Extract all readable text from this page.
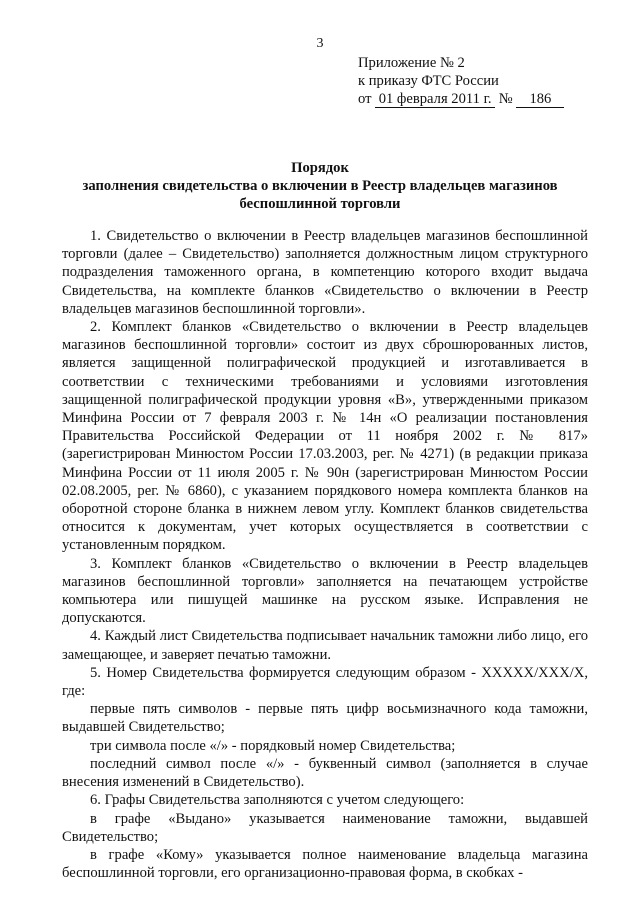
3
Приложение № 2
к приказу ФТС России
от 01 февраля 2011 г. № 186
Порядок
заполнения свидетельства о включении в Реестр владельцев магазинов
беспошлинной торговли

1. Свидетельство о включении в Реестр владельцев магазинов беспошлинной торговли (далее – Свидетельство) заполняется должностным лицом структурного подразделения таможенного органа, в компетенцию которого входит выдача Свидетельства, на комплекте бланков «Свидетельство о включении в Реестр владельцев магазинов беспошлинной торговли».

2. Комплект бланков «Свидетельство о включении в Реестр владельцев магазинов беспошлинной торговли» состоит из двух сброшюрованных листов, является защищенной полиграфической продукцией и изготавливается в соответствии с техническими требованиями и условиями изготовления защищенной полиграфической продукции уровня «В», утвержденными приказом Минфина России от 7 февраля 2003 г. № 14н «О реализации постановления Правительства Российской Федерации от 11 ноября 2002 г. № 817» (зарегистрирован Минюстом России 17.03.2003, рег. № 4271) (в редакции приказа Минфина России от 11 июля 2005 г. № 90н (зарегистрирован Минюстом России 02.08.2005, рег. № 6860), с указанием порядкового номера комплекта бланков на оборотной стороне бланка в нижнем левом углу. Комплект бланков свидетельства относится к документам, учет которых осуществляется в соответствии с установленным порядком.

3. Комплект бланков «Свидетельство о включении в Реестр владельцев магазинов беспошлинной торговли» заполняется на печатающем устройстве компьютера или пишущей машинке на русском языке. Исправления не допускаются.

4. Каждый лист Свидетельства подписывает начальник таможни либо лицо, его замещающее, и заверяет печатью таможни.

5. Номер Свидетельства формируется следующим образом - XXXXX/XXX/X, где:

первые пять символов - первые пять цифр восьмизначного кода таможни, выдавшей Свидетельство;

три символа после «/» - порядковый номер Свидетельства;

последний символ после «/» - буквенный символ (заполняется в случае внесения изменений в Свидетельство).

6. Графы Свидетельства заполняются с учетом следующего:

в графе «Выдано» указывается наименование таможни, выдавшей Свидетельство;

в графе «Кому» указывается полное наименование владельца магазина беспошлинной торговли, его организационно-правовая форма, в скобках -
